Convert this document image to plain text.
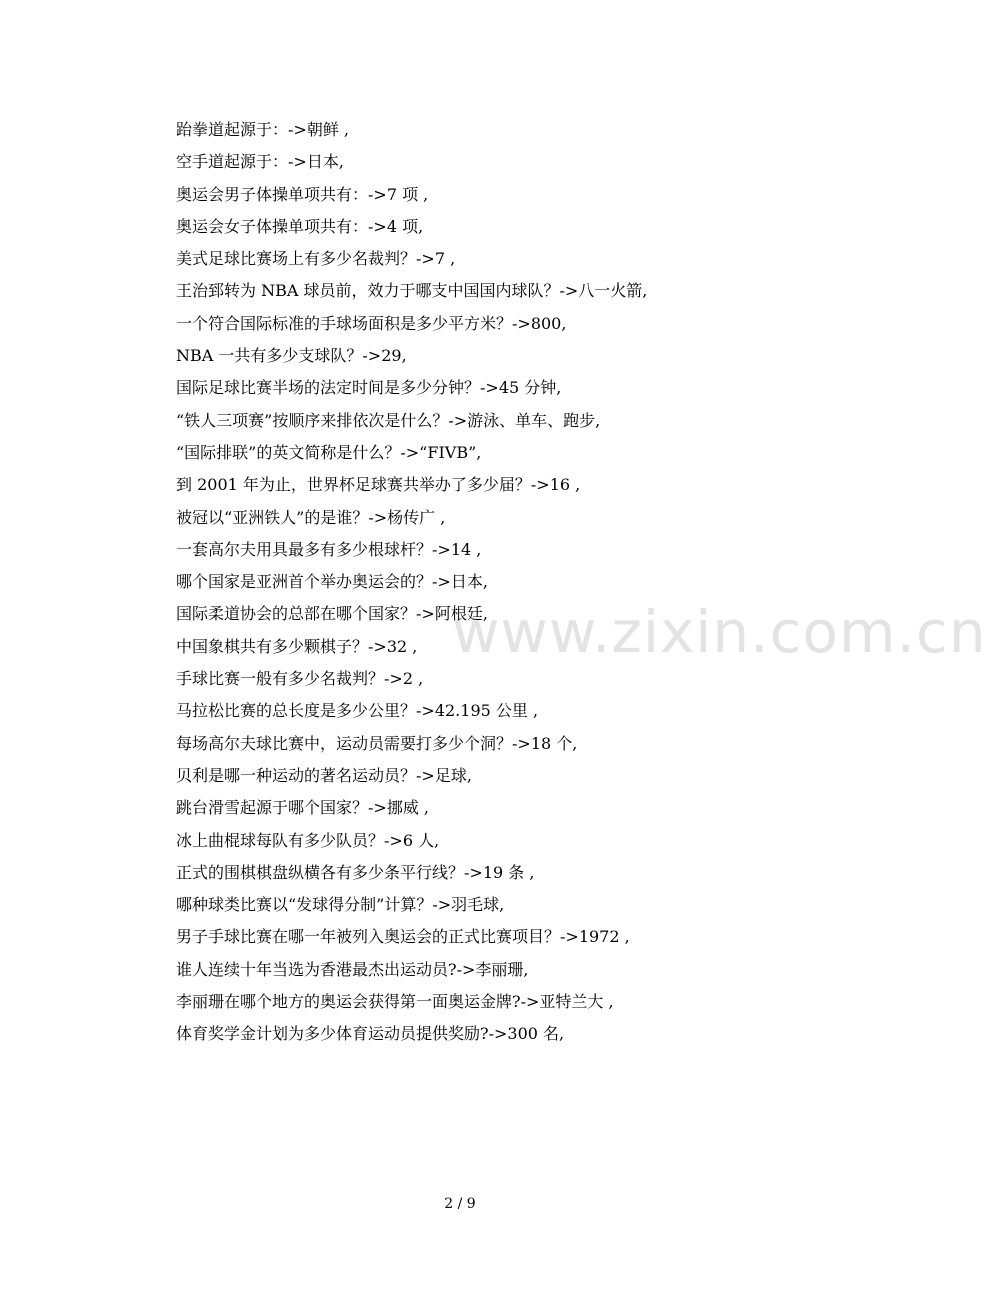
www.zixin.com.cn
跆拳道起源于：->朝鲜 ,
空手道起源于：->日本,
奥运会男子体操单项共有：->7 项 ,
奥运会女子体操单项共有：->4 项,
美式足球比赛场上有多少名裁判？->7 ,
王治郅转为 NBA 球员前，效力于哪支中国国内球队？->八一火箭,
一个符合国际标准的手球场面积是多少平方米？->800,
NBA 一共有多少支球队？->29,
国际足球比赛半场的法定时间是多少分钟？->45 分钟,
“铁人三项赛”按顺序来排依次是什么？->游泳、单车、跑步,
“国际排联”的英文简称是什么？->“FIVB”,
到 2001 年为止，世界杯足球赛共举办了多少届？->16 ,
被冠以“亚洲铁人”的是谁？->杨传广 ,
一套高尔夫用具最多有多少根球杆？->14 ,
哪个国家是亚洲首个举办奥运会的？->日本,
国际柔道协会的总部在哪个国家？->阿根廷,
中国象棋共有多少颗棋子？->32 ,
手球比赛一般有多少名裁判？->2 ,
马拉松比赛的总长度是多少公里？->42.195 公里 ,
每场高尔夫球比赛中，运动员需要打多少个洞？->18 个,
贝利是哪一种运动的著名运动员？->足球,
跳台滑雪起源于哪个国家？->挪威 ,
冰上曲棍球每队有多少队员？->6 人,
正式的围棋棋盘纵横各有多少条平行线？->19 条 ,
哪种球类比赛以“发球得分制”计算？->羽毛球,
男子手球比赛在哪一年被列入奥运会的正式比赛项目？->1972 ,
谁人连续十年当选为香港最杰出运动员?->李丽珊,
李丽珊在哪个地方的奥运会获得第一面奥运金牌?->亚特兰大 ,
体育奖学金计划为多少体育运动员提供奖励?->300 名,
2 / 9
